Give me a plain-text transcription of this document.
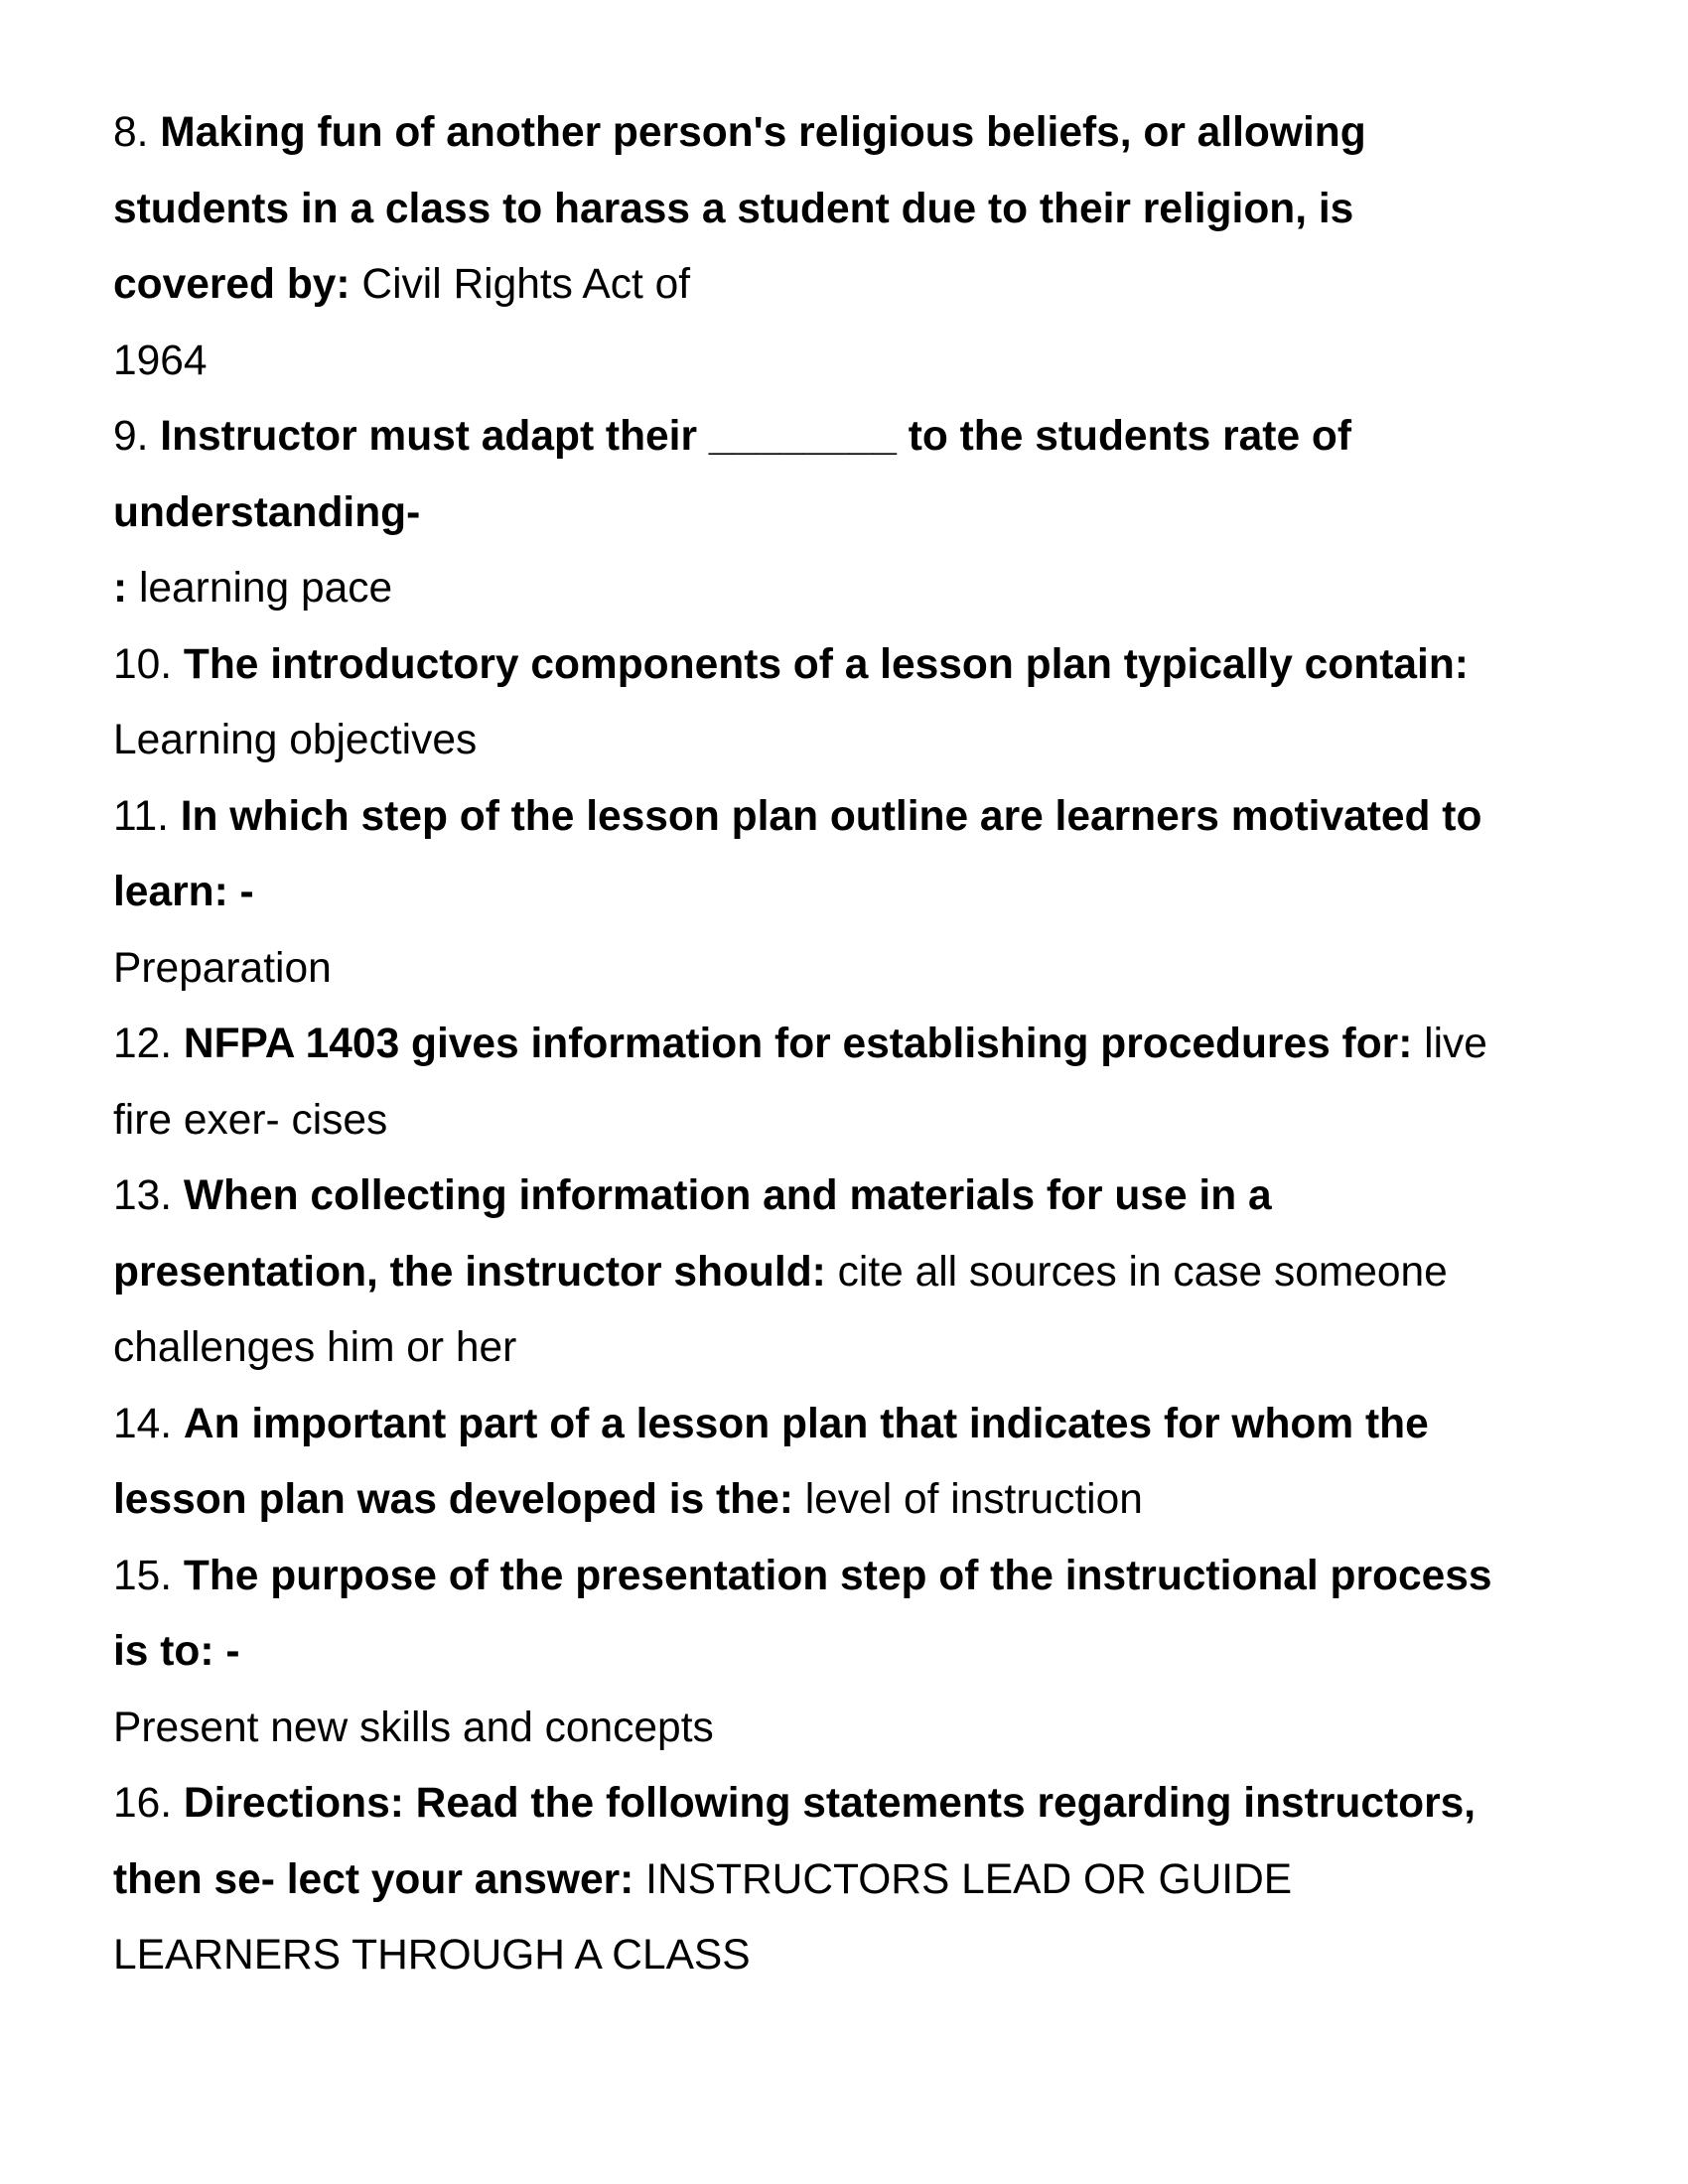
8. Making fun of another person's religious beliefs, or allowing
students in a class to harass a student due to their religion, is
covered by: Civil Rights Act of
1964
9. Instructor must adapt their ________ to the students rate of
understanding-
: learning pace
10. The introductory components of a lesson plan typically contain:
Learning objectives
11. In which step of the lesson plan outline are learners motivated to
learn: -
Preparation
12. NFPA 1403 gives information for establishing procedures for: live
fire exer- cises
13. When collecting information and materials for use in a
presentation, the instructor should: cite all sources in case someone
challenges him or her
14. An important part of a lesson plan that indicates for whom the
lesson plan was developed is the: level of instruction
15. The purpose of the presentation step of the instructional process
is to: -
Present new skills and concepts
16. Directions: Read the following statements regarding instructors,
then se- lect your answer: INSTRUCTORS LEAD OR GUIDE
LEARNERS THROUGH A CLASS
